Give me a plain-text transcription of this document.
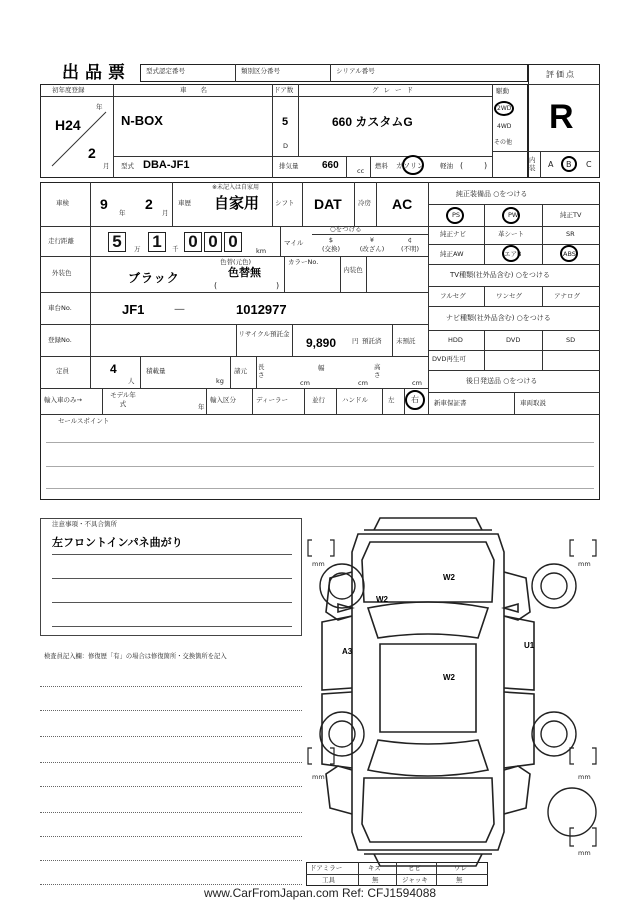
出品票 型式認定番号	類別区分番号	シリアル番号	評価点
R
初年度登録
年
H24
2
月
車名
N-BOX
ドア数
5
D
グレード
660 カスタムG
型式 DBA-JF1	排気量 660	cc
燃料 ガソリン 軽油 (	)
駆動
2WD
4WD
その他
内装	A B C
車検 9
年
2
月
車歴
※未記入は自家用
自家用 シフト DAT	冷房 AC
走行距離 5	万 1	千 0 0 0	km
マイル
○をつける
$
(交換)
¥
(改ざん)
¢
(不明)
外装色	ブラック
色替(元色)
色替無
(	)
カラーNo.
内装色
車台No.	JF1 －	1012977
登録No.
リサイクル預託金
9,890 円 預託済 未預託
定員	4
人
積載量
kg
諸元 長さ
cm
幅
cm
高さ
cm
輸入車のみ→
モデル年式	年
輸入区分	ディーラー	並行	ハンドル	左 右
純正装備品 ○をつける
PS	PW	純正TV
純正ナビ	革シート	SR
純正AW	エアB	ABS
TV種類(社外品含む) ○をつける
フルセグ	ワンセグ	アナログ
ナビ種類(社外品含む) ○をつける
HDD	DVD	SD
DVD再生可
後日発送品 ○をつける
新車保証書	車両取説
セールスポイント
注意事項・不具合箇所
左フロントインパネ曲がり
検査員記入欄：修復歴「有」の場合は修復箇所・交換箇所を記入
mm	mm
mm	mm
mm
W2
W2
A3
W2
U1
ドアミラー	キズ	ヒビ	ワレ
工具	無	ジャッキ	無
www.CarFromJapan.com Ref: CFJ1594088
